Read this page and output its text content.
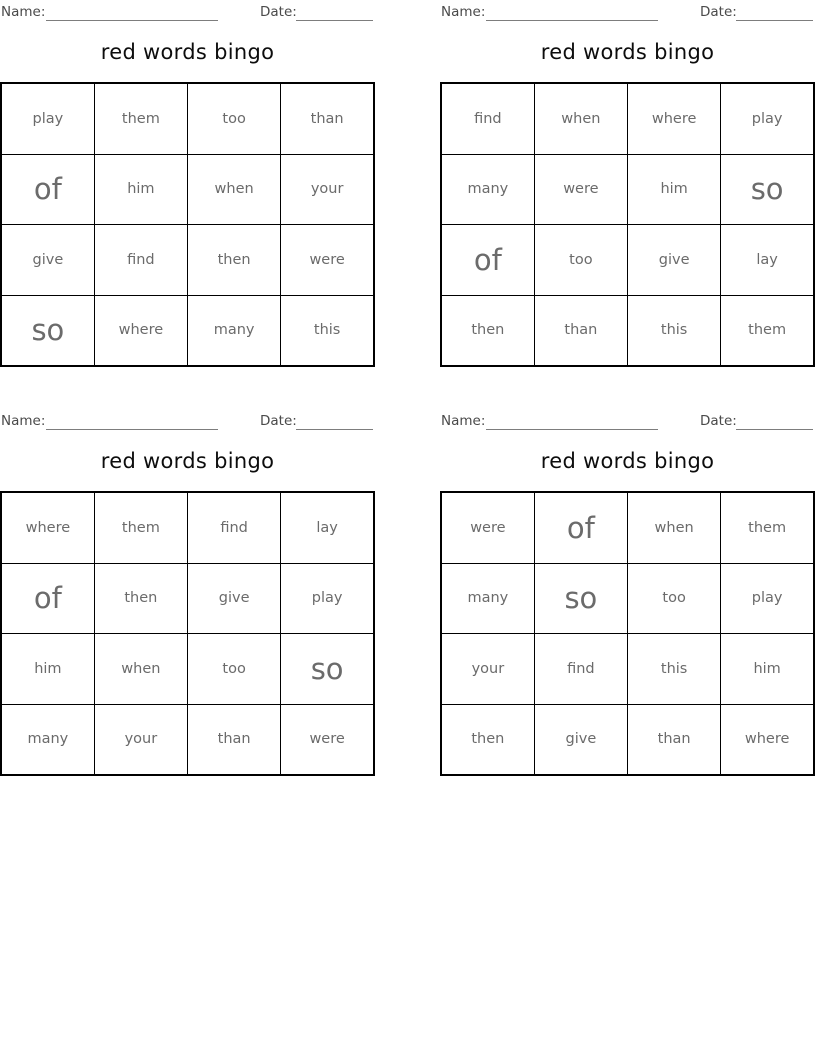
Name:	Date:
red words bingo
play	them	too	than
of	him	when	your
give	find	then	were
so	where	many	this
Name:	Date:
red words bingo
find	when	where	play
many	were	him	so
of	too	give	lay
then	than	this	them
Name:	Date:
red words bingo
where	them	find	lay
of	then	give	play
him	when	too	so
many	your	than	were
Name:	Date:
red words bingo
were	of	when	them
many	so	too	play
your	find	this	him
then	give	than	where
